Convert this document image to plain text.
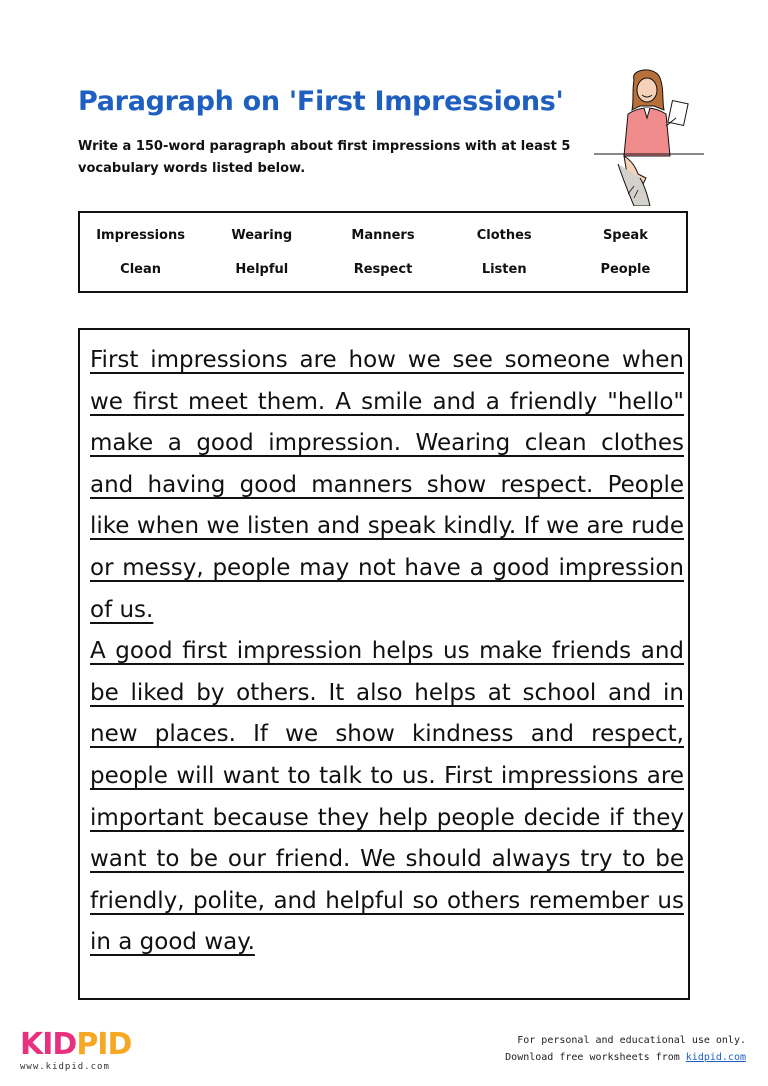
Paragraph on 'First Impressions'

Write a 150-word paragraph about first impressions with at least 5 vocabulary words listed below.

Impressions	Wearing	Manners	Clothes	Speak
Clean	Helpful	Respect	Listen	People

First impressions are how we see someone when we first meet them. A smile and a friendly "hello" make a good impression. Wearing clean clothes and having good manners show respect. People like when we listen and speak kindly. If we are rude or messy, people may not have a good impression of us.

A good first impression helps us make friends and be liked by others. It also helps at school and in new places. If we show kindness and respect, people will want to talk to us. First impressions are important because they help people decide if they want to be our friend. We should always try to be friendly, polite, and helpful so others remember us in a good way.

KIDPID
www.kidpid.com
For personal and educational use only.
Download free worksheets from kidpid.com
